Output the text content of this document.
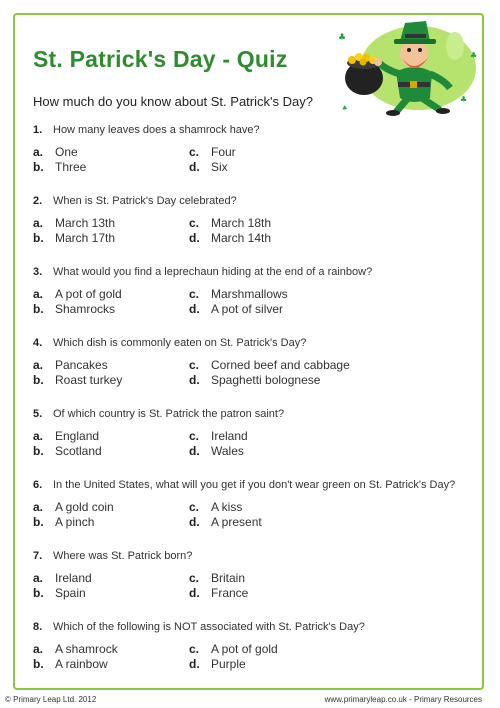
St. Patrick's Day - Quiz
♣
♣
♣
♣

How much do you know about St. Patrick's Day?

1. How many leaves does a shamrock have?
a. One	c. Four
b. Three	d. Six
2. When is St. Patrick's Day celebrated?
a. March 13th	c. March 18th
b. March 17th	d. March 14th
3. What would you find a leprechaun hiding at the end of a rainbow?
a. A pot of gold	c. Marshmallows
b. Shamrocks	d. A pot of silver
4. Which dish is commonly eaten on St. Patrick's Day?
a. Pancakes	c. Corned beef and cabbage
b. Roast turkey	d. Spaghetti bolognese
5. Of which country is St. Patrick the patron saint?
a. England	c. Ireland
b. Scotland	d. Wales
6. In the United States, what will you get if you don't wear green on St. Patrick's Day?
a. A gold coin	c. A kiss
b. A pinch	d. A present
7. Where was St. Patrick born?
a. Ireland	c. Britain
b. Spain	d. France
8. Which of the following is NOT associated with St. Patrick's Day?
a. A shamrock	c. A pot of gold
b. A rainbow	d. Purple
© Primary Leap Ltd. 2012	www.primaryleap.co.uk - Primary Resources
